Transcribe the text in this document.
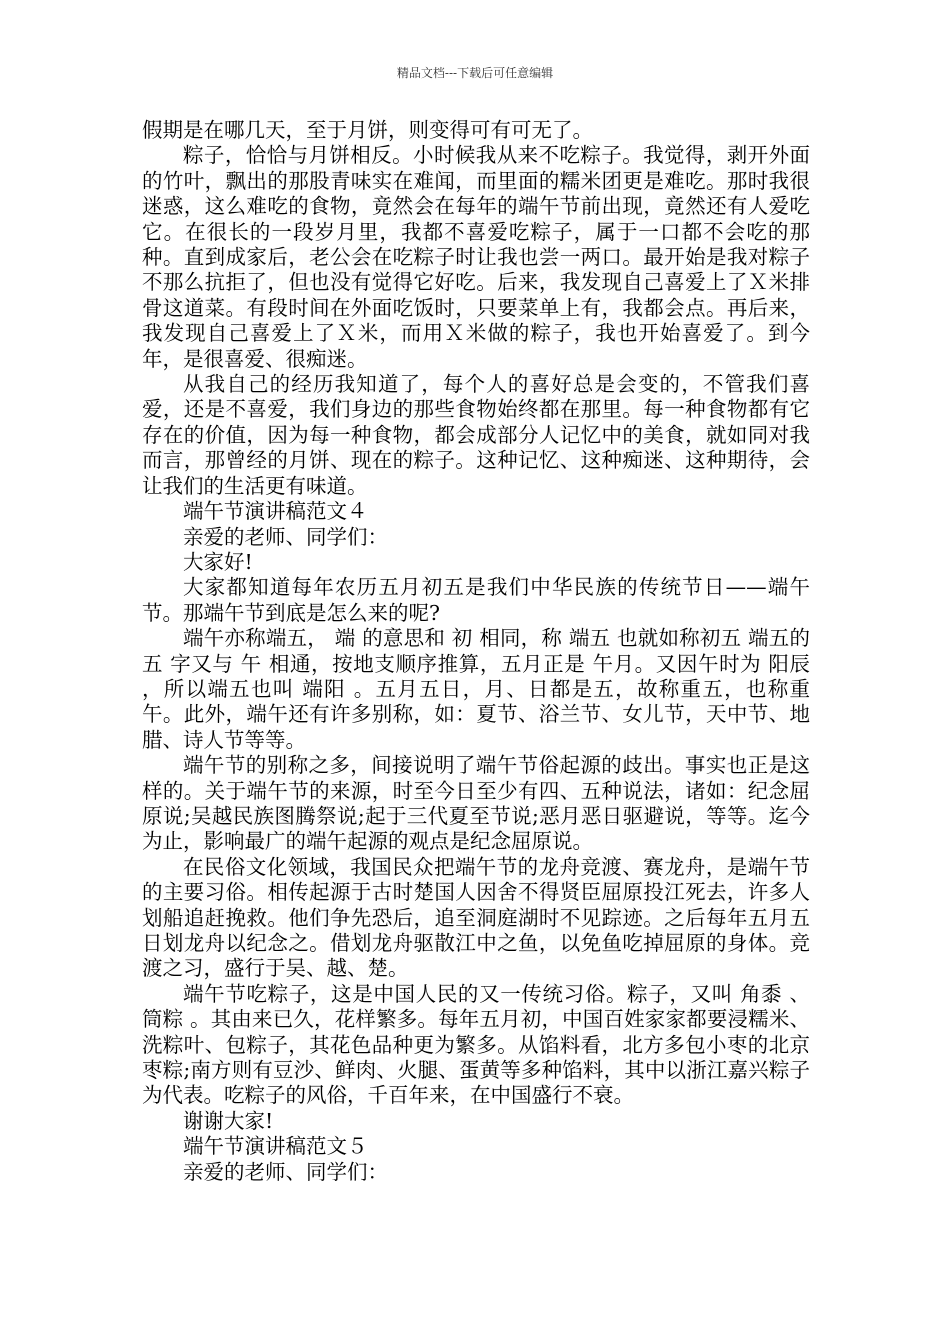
精品文档---下载后可任意编辑

假期是在哪几天，至于月饼，则变得可有可无了。

粽子，恰恰与月饼相反。小时候我从来不吃粽子。我觉得，剥开外面的竹叶，飘出的那股青味实在难闻，而里面的糯米团更是难吃。那时我很迷惑，这么难吃的食物，竟然会在每年的端午节前出现，竟然还有人爱吃它。在很长的一段岁月里，我都不喜爱吃粽子，属于一口都不会吃的那种。直到成家后，老公会在吃粽子时让我也尝一两口。最开始是我对粽子不那么抗拒了，但也没有觉得它好吃。后来，我发现自己喜爱上了Ｘ米排骨这道菜。有段时间在外面吃饭时，只要菜单上有，我都会点。再后来，我发现自己喜爱上了Ｘ米，而用Ｘ米做的粽子，我也开始喜爱了。到今年，是很喜爱、很痴迷。

从我自己的经历我知道了，每个人的喜好总是会变的，不管我们喜爱，还是不喜爱，我们身边的那些食物始终都在那里。每一种食物都有它存在的价值，因为每一种食物，都会成部分人记忆中的美食，就如同对我而言，那曾经的月饼、现在的粽子。这种记忆、这种痴迷、这种期待，会让我们的生活更有味道。

端午节演讲稿范文４

亲爱的老师、同学们：

大家好!

大家都知道每年农历五月初五是我们中华民族的传统节日——端午节。那端午节到底是怎么来的呢?

端午亦称端五， 端 的意思和 初 相同，称 端五 也就如称初五 端五的 五 字又与 午 相通，按地支顺序推算，五月正是 午月。又因午时为 阳辰 ，所以端五也叫 端阳 。五月五日，月、日都是五，故称重五，也称重午。此外，端午还有许多别称，如：夏节、浴兰节、女儿节，天中节、地腊、诗人节等等。

端午节的别称之多，间接说明了端午节俗起源的歧出。事实也正是这样的。关于端午节的来源，时至今日至少有四、五种说法，诸如：纪念屈原说;吴越民族图腾祭说;起于三代夏至节说;恶月恶日驱避说，等等。迄今为止，影响最广的端午起源的观点是纪念屈原说。

在民俗文化领域，我国民众把端午节的龙舟竞渡、赛龙舟，是端午节的主要习俗。相传起源于古时楚国人因舍不得贤臣屈原投江死去，许多人划船追赶挽救。他们争先恐后，追至洞庭湖时不见踪迹。之后每年五月五日划龙舟以纪念之。借划龙舟驱散江中之鱼，以免鱼吃掉屈原的身体。竞渡之习，盛行于吴、越、楚。

端午节吃粽子，这是中国人民的又一传统习俗。粽子，又叫 角黍 、 筒粽 。其由来已久，花样繁多。每年五月初，中国百姓家家都要浸糯米、洗粽叶、包粽子，其花色品种更为繁多。从馅料看，北方多包小枣的北京枣粽;南方则有豆沙、鲜肉、火腿、蛋黄等多种馅料，其中以浙江嘉兴粽子为代表。吃粽子的风俗，千百年来，在中国盛行不衰。

谢谢大家!

端午节演讲稿范文５

亲爱的老师、同学们：
